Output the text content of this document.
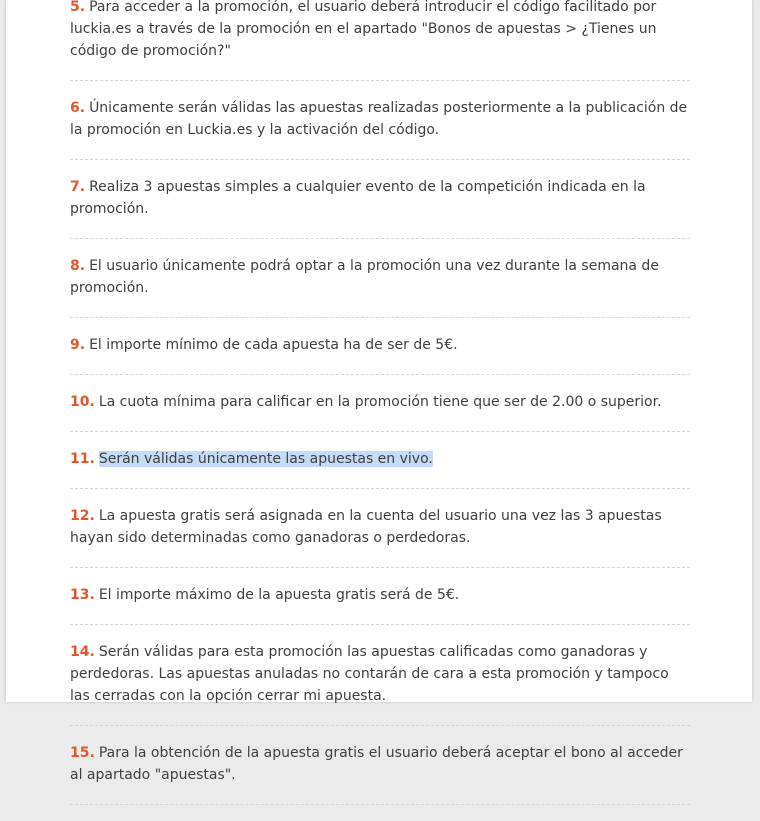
5. Para acceder a la promoción, el usuario deberá introducir el código facilitado por luckia.es a través de la promoción en el apartado "Bonos de apuestas > ¿Tienes un código de promoción?"
6. Únicamente serán válidas las apuestas realizadas posteriormente a la publicación de la promoción en Luckia.es y la activación del código.
7. Realiza 3 apuestas simples a cualquier evento de la competición indicada en la promoción.
8. El usuario únicamente podrá optar a la promoción una vez durante la semana de promoción.
9. El importe mínimo de cada apuesta ha de ser de 5€.
10. La cuota mínima para calificar en la promoción tiene que ser de 2.00 o superior.
11. Serán válidas únicamente las apuestas en vivo.
12. La apuesta gratis será asignada en la cuenta del usuario una vez las 3 apuestas hayan sido determinadas como ganadoras o perdedoras.
13. El importe máximo de la apuesta gratis será de 5€.
14. Serán válidas para esta promoción las apuestas calificadas como ganadoras y perdedoras. Las apuestas anuladas no contarán de cara a esta promoción y tampoco las cerradas con la opción cerrar mi apuesta.
15. Para la obtención de la apuesta gratis el usuario deberá aceptar el bono al acceder al apartado "apuestas".
